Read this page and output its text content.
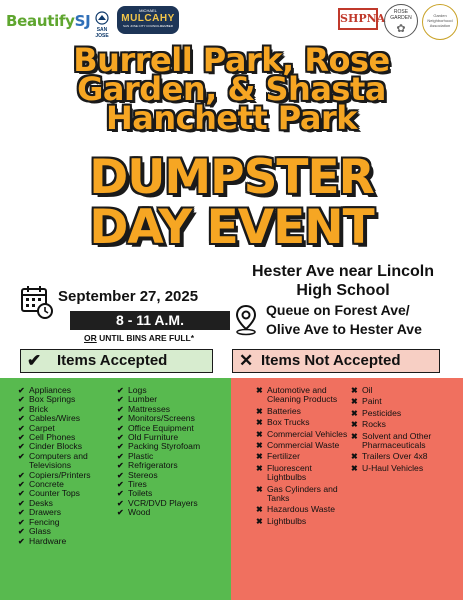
BeautifySJ	SAN JOSE
MICHAEL
MULCAHY
SAN JOSE CITY COUNCILMEMBER
SHPNA	ROSE GARDEN
✿
Garden Neighborhood Association
Burrell Park, Rose
Garden, & Shasta
Hanchett Park
DUMPSTER
DAY EVENT
September 27, 2025
8 - 11 A.M.
OR UNTIL BINS ARE FULL*
Hester Ave near Lincoln
High School
Queue on Forest Ave/
Olive Ave to Hester Ave
✔ Items Accepted	✕ Items Not Accepted
✔ Appliances
✔ Box Springs
✔ Brick
✔ Cables/Wires
✔ Carpet
✔ Cell Phones
✔ Cinder Blocks
✔ Computers and Televisions
✔ Copiers/Printers
✔ Concrete
✔ Counter Tops
✔ Desks
✔ Drawers
✔ Fencing
✔ Glass
✔ Hardware
✔ Logs
✔ Lumber
✔ Mattresses
✔ Monitors/Screens
✔ Office Equipment
✔ Old Furniture
✔ Packing Styrofoam
✔ Plastic
✔ Refrigerators
✔ Stereos
✔ Tires
✔ Toilets
✔ VCR/DVD Players
✔ Wood
✖ Automotive and Cleaning Products
✖ Batteries
✖ Box Trucks
✖ Commercial Vehicles
✖ Commercial Waste
✖ Fertilizer
✖ Fluorescent Lightbulbs
✖ Gas Cylinders and Tanks
✖ Hazardous Waste
✖ Lightbulbs
✖ Oil
✖ Paint
✖ Pesticides
✖ Rocks
✖ Solvent and Other Pharmaceuticals
✖ Trailers Over 4x8
✖ U-Haul Vehicles
